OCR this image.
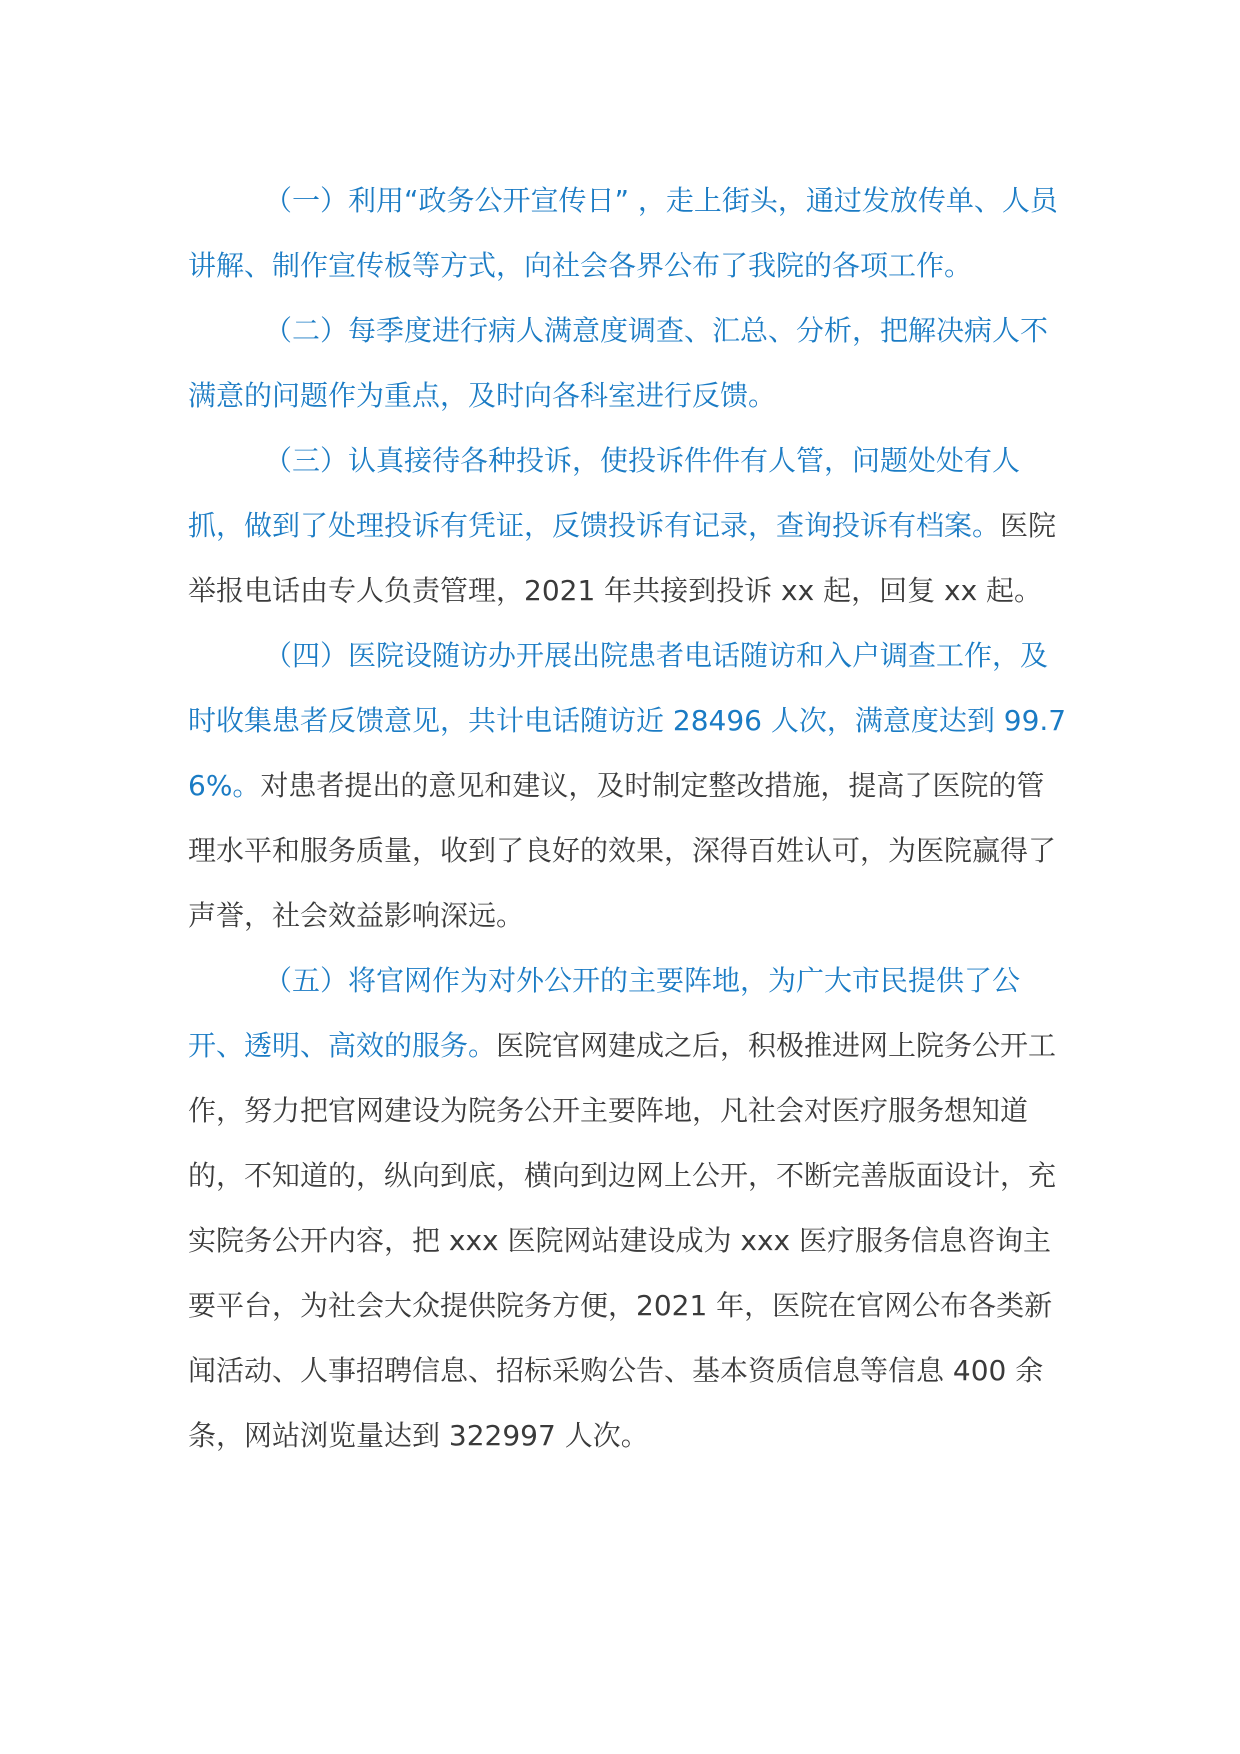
（一）利用“政务公开宣传日” ，走上街头，通过发放传单、人员讲解、制作宣传板等方式，向社会各界公布了我院的各项工作。

（二）每季度进行病人满意度调查、汇总、分析，把解决病人不满意的问题作为重点，及时向各科室进行反馈。

（三）认真接待各种投诉，使投诉件件有人管，问题处处有人抓，做到了处理投诉有凭证，反馈投诉有记录，查询投诉有档案。医院举报电话由专人负责管理，2021 年共接到投诉 xx 起，回复 xx 起。

（四）医院设随访办开展出院患者电话随访和入户调查工作，及时收集患者反馈意见，共计电话随访近 28496 人次，满意度达到 99.76%。对患者提出的意见和建议，及时制定整改措施，提高了医院的管理水平和服务质量，收到了良好的效果，深得百姓认可，为医院赢得了声誉，社会效益影响深远。

（五）将官网作为对外公开的主要阵地，为广大市民提供了公开、透明、高效的服务。医院官网建成之后，积极推进网上院务公开工作，努力把官网建设为院务公开主要阵地，凡社会对医疗服务想知道的，不知道的，纵向到底，横向到边网上公开，不断完善版面设计，充实院务公开内容，把 xxx 医院网站建设成为 xxx 医疗服务信息咨询主要平台，为社会大众提供院务方便，2021 年，医院在官网公布各类新闻活动、人事招聘信息、招标采购公告、基本资质信息等信息 400 余条，网站浏览量达到 322997 人次。
